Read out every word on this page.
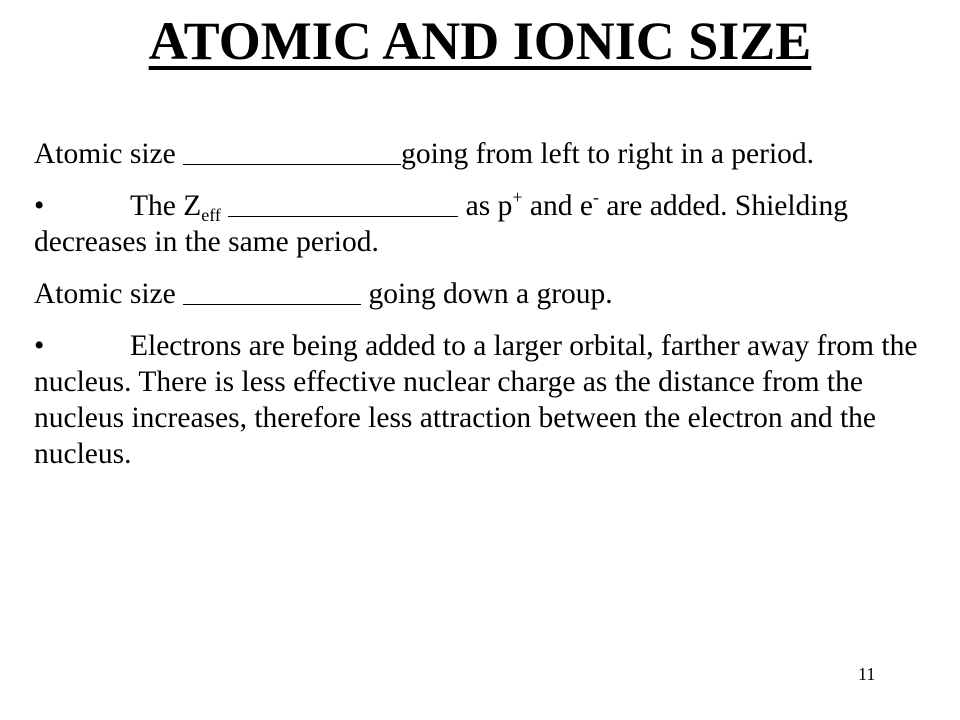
ATOMIC AND IONIC SIZE

Atomic size	going from left to right in a period.

•	The $Z_{eff}$	as p+ and e- are added. Shielding decreases in the same period.

Atomic size	going down a group.

•	Electrons are being added to a larger orbital, farther away from the nucleus. There is less effective nuclear charge as the distance from the nucleus increases, therefore less attraction between the electron and the nucleus.

11
